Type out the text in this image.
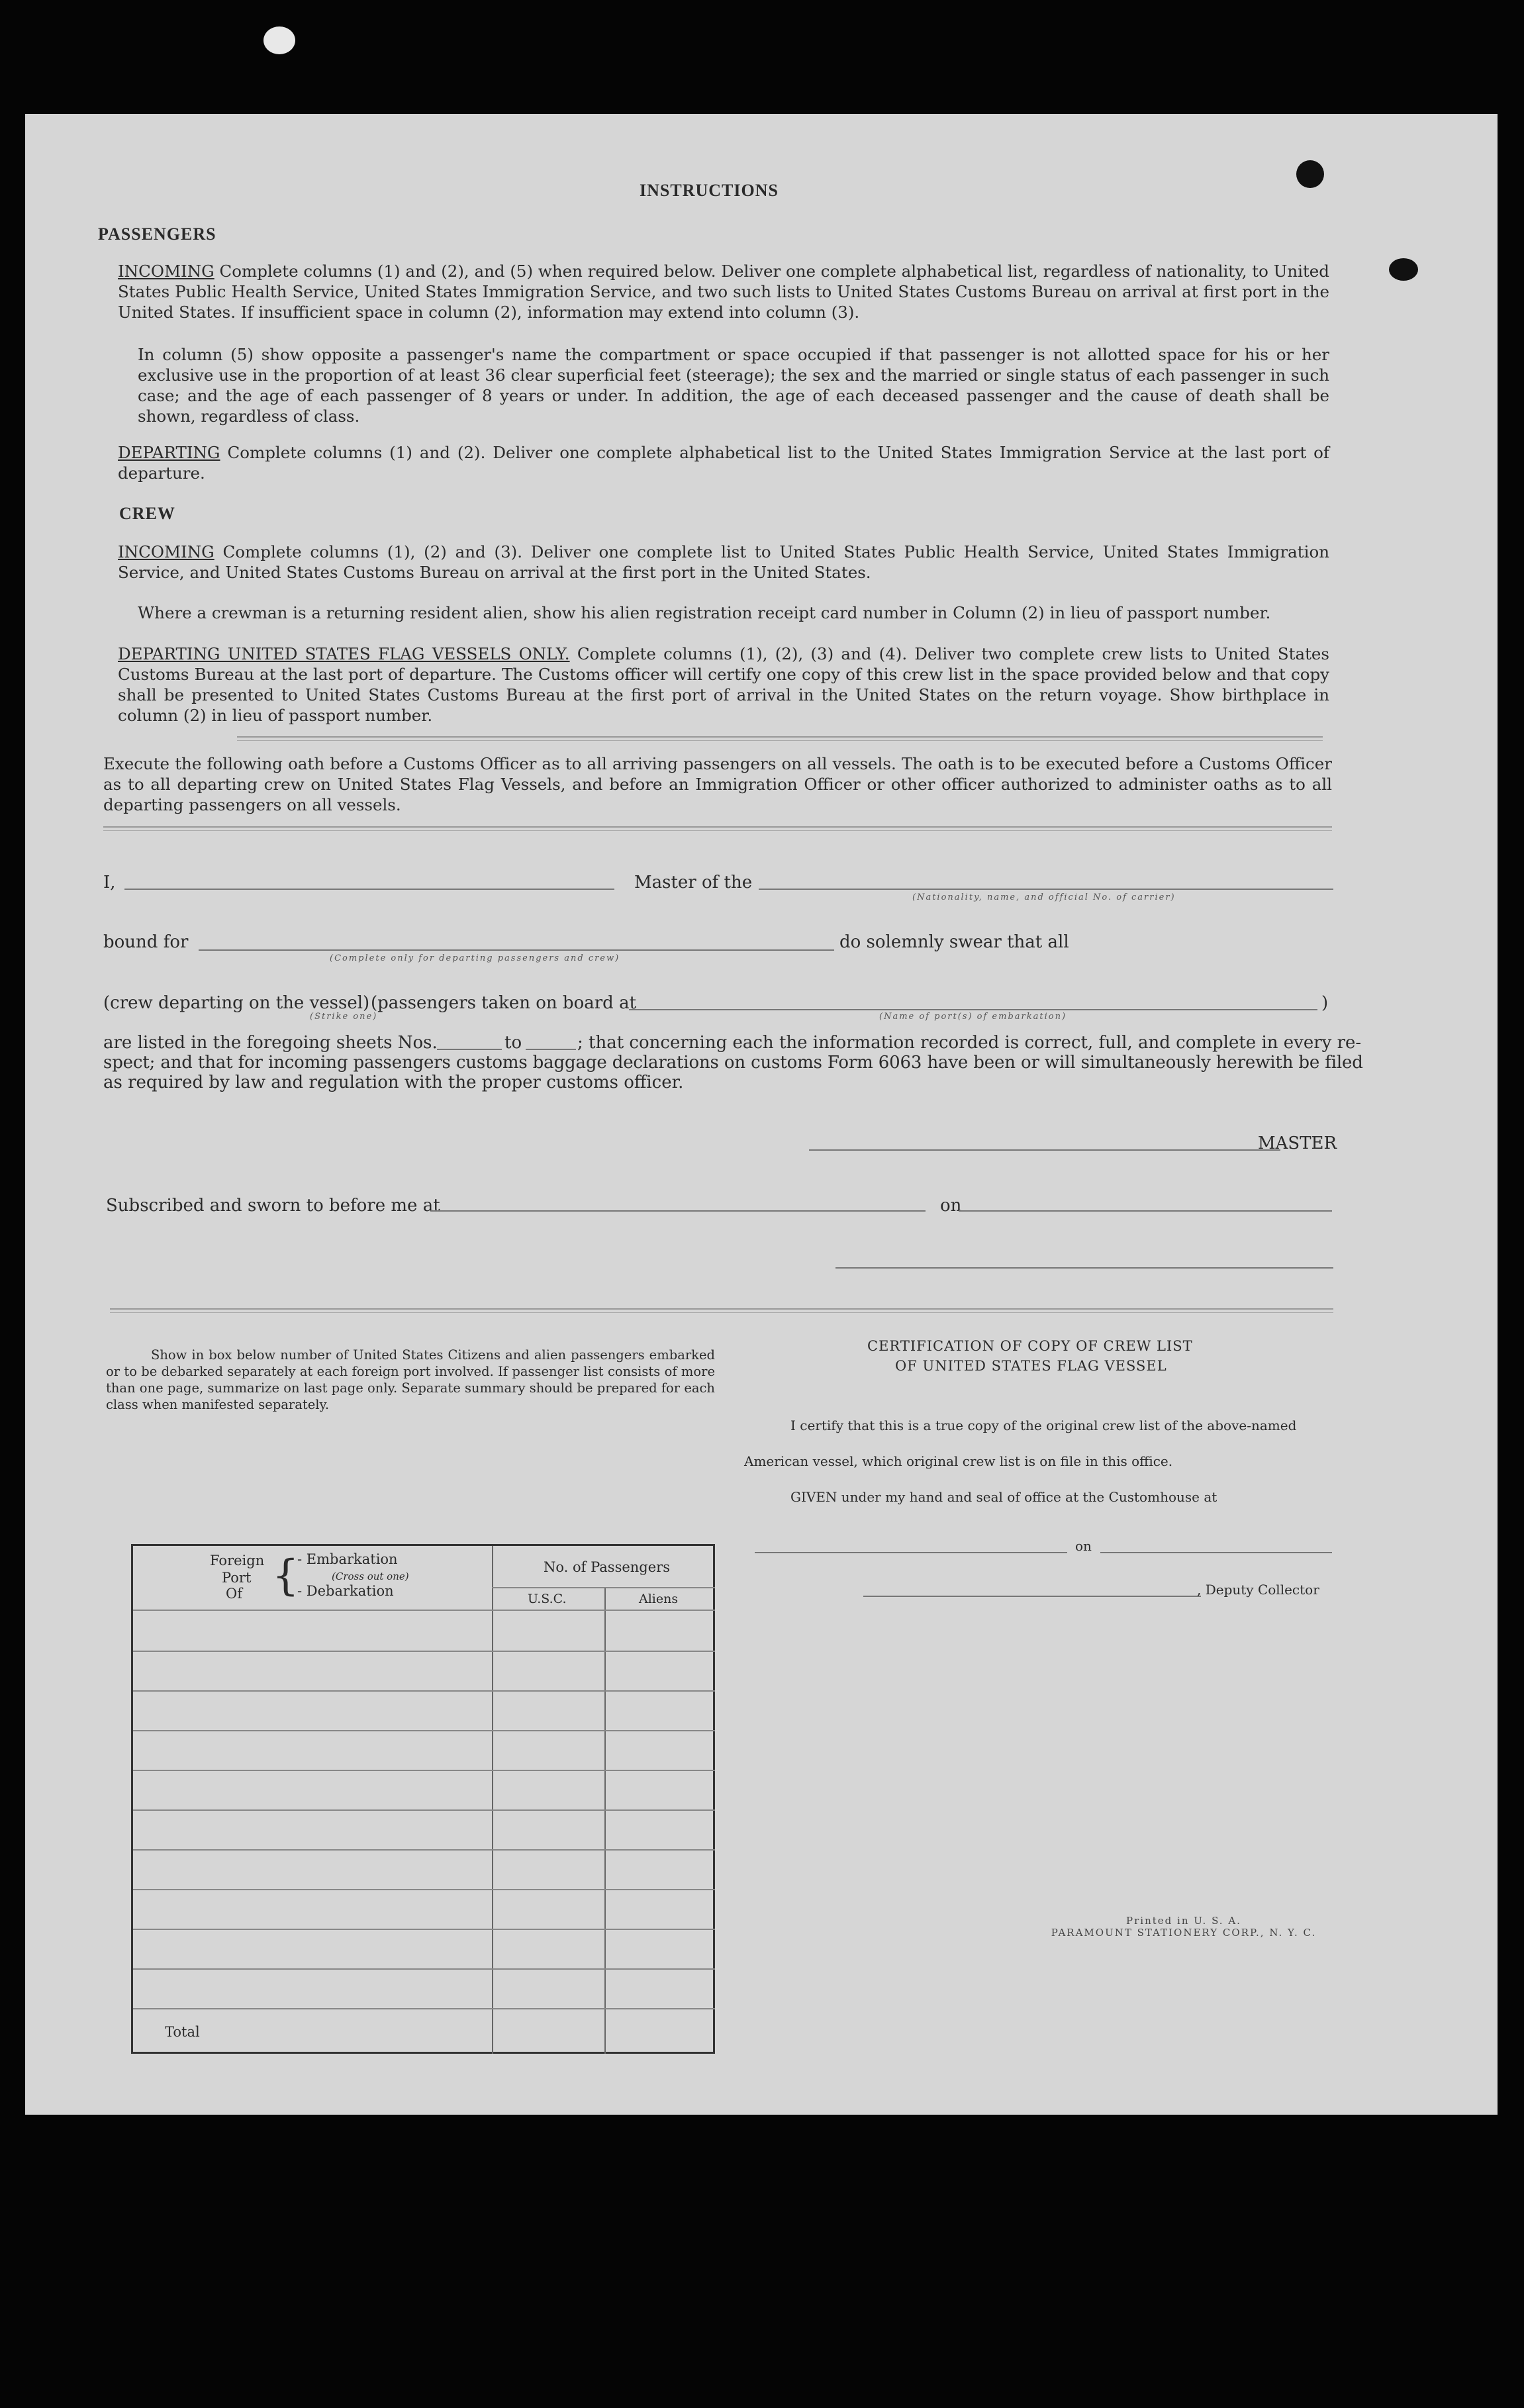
INSTRUCTIONS
PASSENGERS
INCOMING Complete columns (1) and (2), and (5) when required below. Deliver one complete alphabetical list, regardless of nationality, to United States Public Health Service, United States Immigration Service, and two such lists to United States Customs Bureau on arrival at first port in the United States. If insufficient space in column (2), information may extend into column (3).
In column (5) show opposite a passenger's name the compartment or space occupied if that passenger is not allotted space for his or her exclusive use in the proportion of at least 36 clear superficial feet (steerage); the sex and the married or single status of each passenger in such case; and the age of each passenger of 8 years or under. In addition, the age of each deceased passenger and the cause of death shall be shown, regardless of class.
DEPARTING Complete columns (1) and (2). Deliver one complete alphabetical list to the United States Immigration Service at the last port of departure.
CREW
INCOMING Complete columns (1), (2) and (3). Deliver one complete list to United States Public Health Service, United States Immigration Service, and United States Customs Bureau on arrival at the first port in the United States.
Where a crewman is a returning resident alien, show his alien registration receipt card number in Column (2) in lieu of passport number.
DEPARTING UNITED STATES FLAG VESSELS ONLY. Complete columns (1), (2), (3) and (4). Deliver two complete crew lists to United States Customs Bureau at the last port of departure. The Customs officer will certify one copy of this crew list in the space provided below and that copy shall be presented to United States Customs Bureau at the first port of arrival in the United States on the return voyage. Show birthplace in column (2) in lieu of passport number.
Execute the following oath before a Customs Officer as to all arriving passengers on all vessels. The oath is to be executed before a Customs Officer as to all departing crew on United States Flag Vessels, and before an Immigration Officer or other officer authorized to administer oaths as to all departing passengers on all vessels.
I,	Master of the
(Nationality, name, and official No. of carrier)
bound for
(Complete only for departing passengers and crew)
do solemnly swear that all
(crew departing on the vessel) (passengers taken on board at	)
(Strike one)	(Name of port(s) of embarkation)
are listed in the foregoing sheets Nos.	to	; that concerning each the information recorded is correct, full, and complete in every re-
spect; and that for incoming passengers customs baggage declarations on customs Form 6063 have been or will simultaneously herewith be filed
as required by law and regulation with the proper customs officer.
MASTER
Subscribed and sworn to before me at	on
Show in box below number of United States Citizens and alien passengers embarked or to be debarked separately at each foreign port involved. If passenger list consists of more than one page, summarize on last page only. Separate summary should be prepared for each class when manifested separately.
Foreign
Port
Of {
- Embarkation
(Cross out one)
- Debarkation
No. of Passengers
U.S.C.	Aliens
Total
CERTIFICATION OF COPY OF CREW LIST
OF UNITED STATES FLAG VESSEL
I certify that this is a true copy of the original crew list of the above-named
American vessel, which original crew list is on file in this office.
GIVEN under my hand and seal of office at the Customhouse at
on
, Deputy Collector
Printed in U. S. A.
PARAMOUNT STATIONERY CORP., N. Y. C.
